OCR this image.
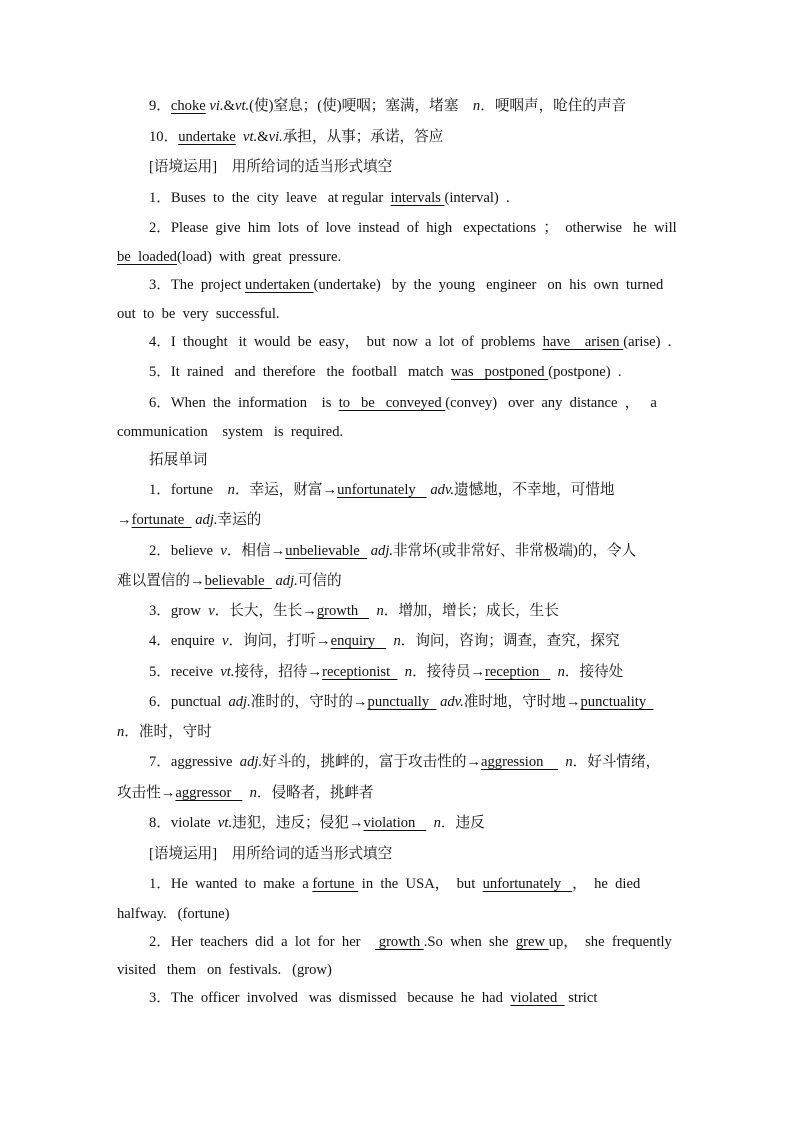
9．choke vi.&vt.(使)窒息；(使)哽咽；塞满，堵塞　n．哽咽声，呛住的声音
10．undertake vt.&vi.承担，从事；承诺，答应
[语境运用]　用所给词的适当形式填空
1．Buses  to  the  city  leave   at regular  intervals (interval)  .
2．Please  give  him  lots  of  love  instead  of  high   expectations  ；  otherwise   he  will
be  loaded(load)  with  great  pressure.
3．The  project undertaken (undertake)   by  the  young   engineer   on  his  own  turned
out  to  be  very  successful.
4．I  thought   it  would  be  easy，  but  now  a  lot  of  problems  have    arisen (arise)  .
5．It  rained   and  therefore   the  football   match  was   postponed (postpone)  .
6．When  the  information    is  to   be   conveyed (convey)   over  any  distance  ，   a
communication    system   is  required.
拓展单词
1．fortune    n．幸运，财富→unfortunately    adv.遗憾地，不幸地，可惜地
→fortunate   adj.幸运的
2．believe  v．相信→unbelievable   adj.非常坏(或非常好、非常极端)的，令人
难以置信的→believable   adj.可信的
3．grow  v．长大，生长→growth     n．增加，增长；成长，生长
4．enquire  v．询问，打听→enquiry     n．询问，咨询；调查，查究，探究
5．receive  vt.接待，招待→receptionist    n．接待员→reception     n．接待处
6．punctual  adj.准时的，守时的→punctually   adv.准时地，守时地→punctuality
n．准时，守时
7．aggressive  adj.好斗的，挑衅的，富于攻击性的→aggression      n．好斗情绪，
攻击性→aggressor     n．侵略者，挑衅者
8．violate  vt.违犯，违反；侵犯→violation     n．违反
[语境运用]　用所给词的适当形式填空
1．He  wanted  to  make  a fortune  in  the  USA，  but  unfortunately   ，  he  died
halfway.   (fortune)
2．Her  teachers  did  a  lot  for  her     growth .So  when  she  grew up，  she  frequently
visited   them   on  festivals.   (grow)
3．The  officer  involved   was  dismissed   because  he  had  violated   strict
